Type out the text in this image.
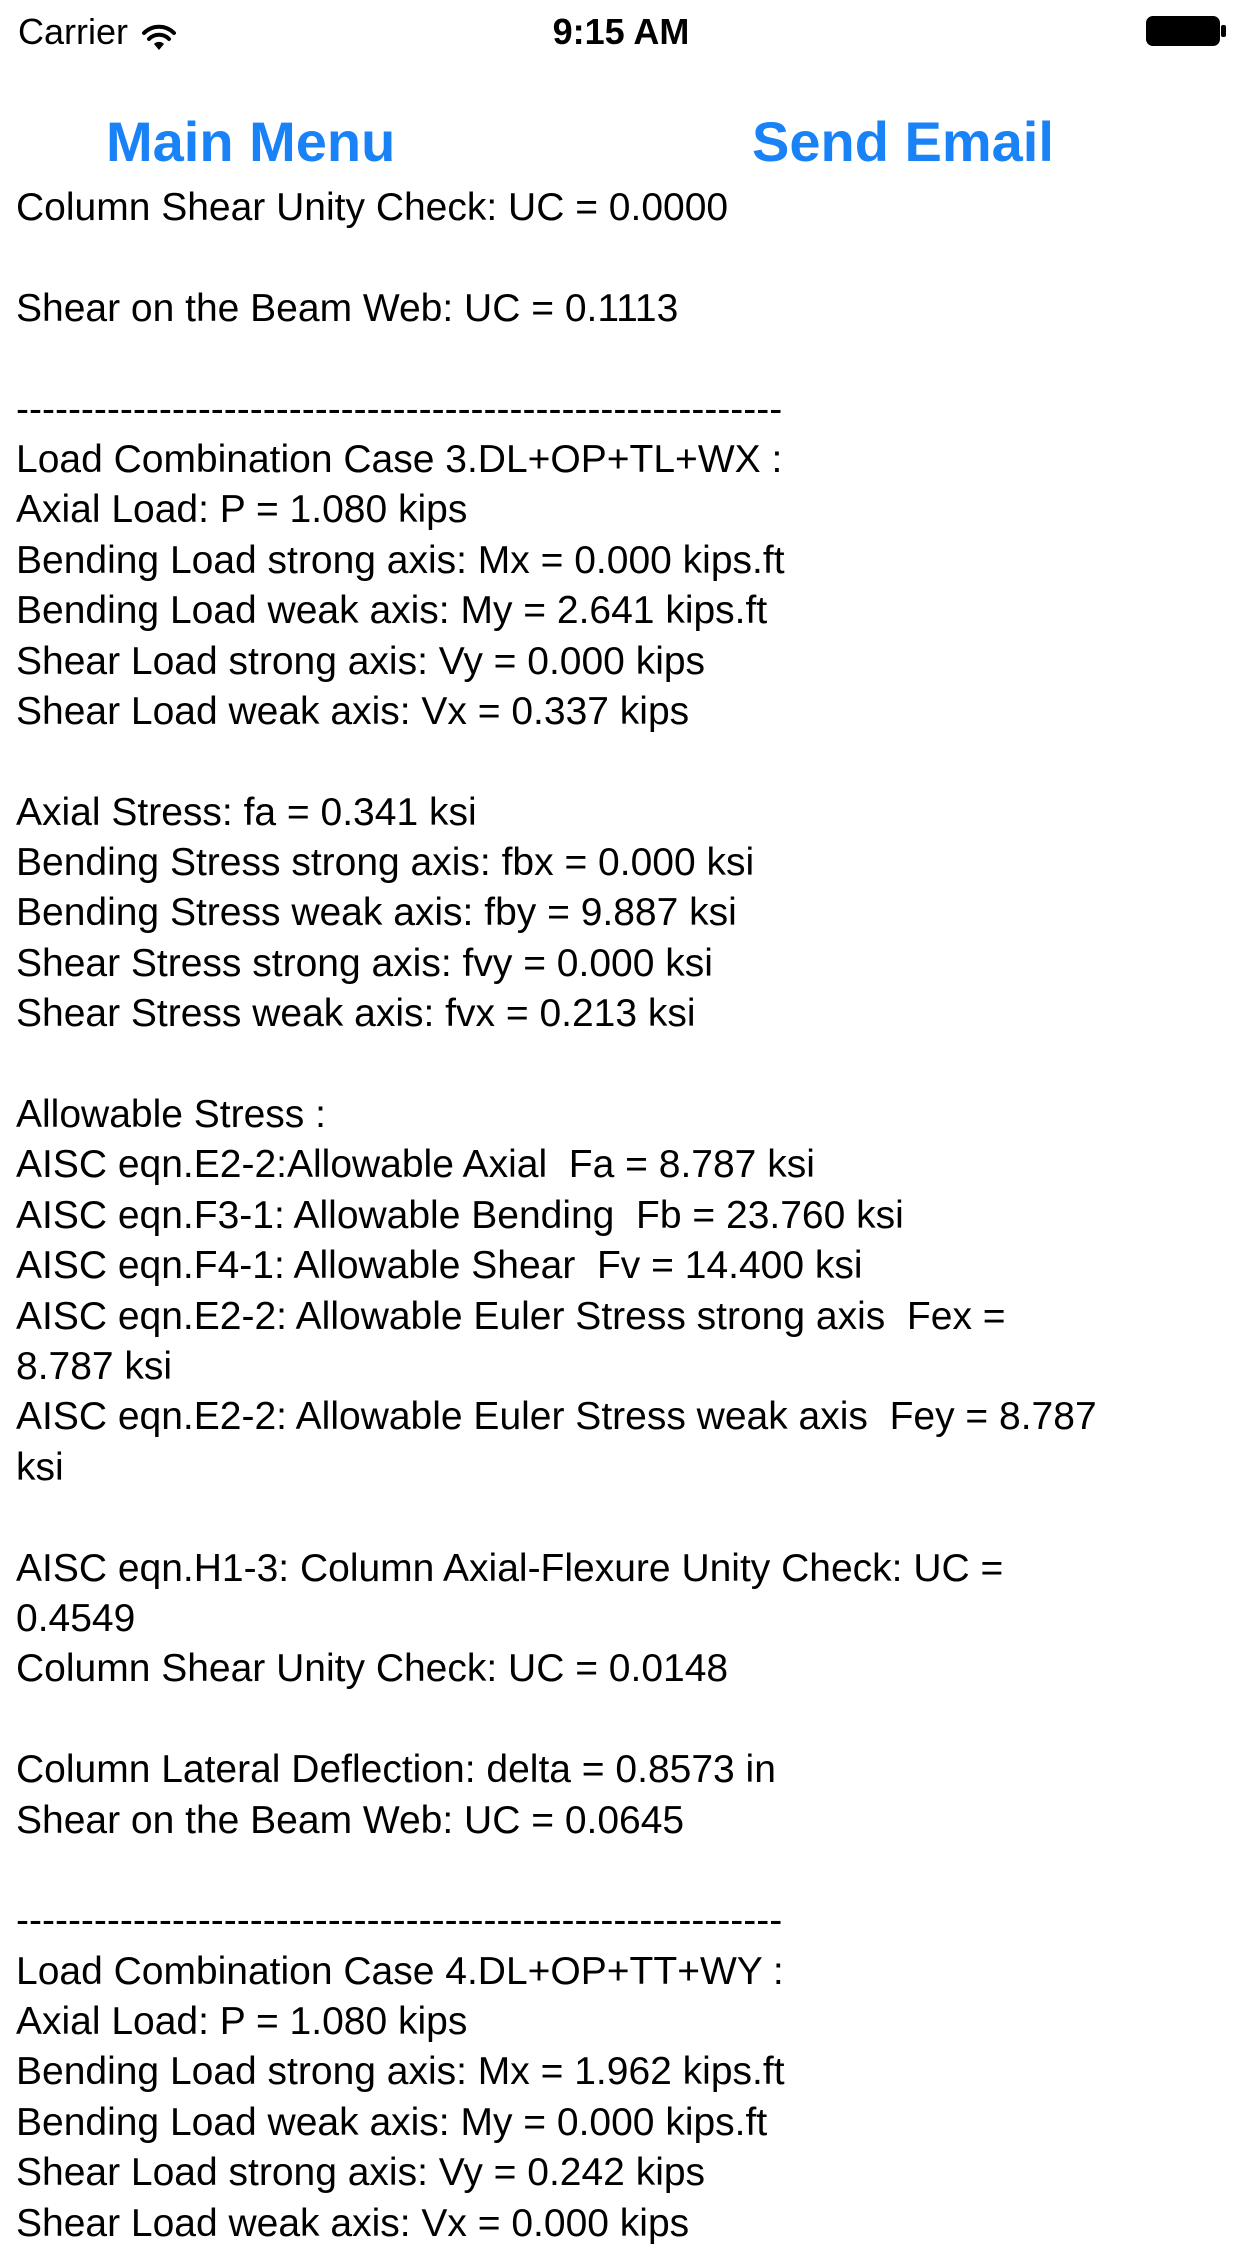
Carrier	9:15 AM
Main Menu	Send Email
Column Shear Unity Check: UC = 0.0000

Shear on the Beam Web: UC = 0.1113

-----------------------------------------------------------
Load Combination Case 3.DL+OP+TL+WX :
Axial Load: P = 1.080 kips
Bending Load strong axis: Mx = 0.000 kips.ft
Bending Load weak axis: My = 2.641 kips.ft
Shear Load strong axis: Vy = 0.000 kips
Shear Load weak axis: Vx = 0.337 kips

Axial Stress: fa = 0.341 ksi
Bending Stress strong axis: fbx = 0.000 ksi
Bending Stress weak axis: fby = 9.887 ksi
Shear Stress strong axis: fvy = 0.000 ksi
Shear Stress weak axis: fvx = 0.213 ksi

Allowable Stress :
AISC eqn.E2-2:Allowable Axial  Fa = 8.787 ksi
AISC eqn.F3-1: Allowable Bending  Fb = 23.760 ksi
AISC eqn.F4-1: Allowable Shear  Fv = 14.400 ksi
AISC eqn.E2-2: Allowable Euler Stress strong axis  Fex =
8.787 ksi
AISC eqn.E2-2: Allowable Euler Stress weak axis  Fey = 8.787
ksi

AISC eqn.H1-3: Column Axial-Flexure Unity Check: UC =
0.4549
Column Shear Unity Check: UC = 0.0148

Column Lateral Deflection: delta = 0.8573 in
Shear on the Beam Web: UC = 0.0645

-----------------------------------------------------------
Load Combination Case 4.DL+OP+TT+WY :
Axial Load: P = 1.080 kips
Bending Load strong axis: Mx = 1.962 kips.ft
Bending Load weak axis: My = 0.000 kips.ft
Shear Load strong axis: Vy = 0.242 kips
Shear Load weak axis: Vx = 0.000 kips
